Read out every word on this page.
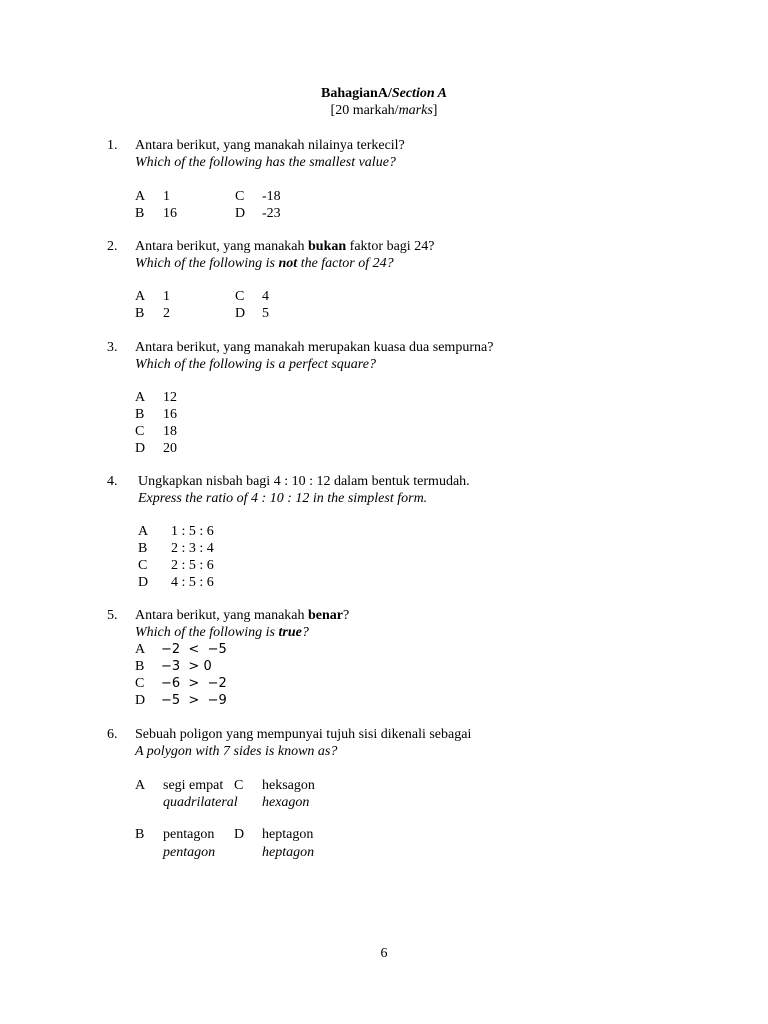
BahagianA/Section A
[20 markah/marks]
1. Antara berikut, yang manakah nilainya terkecil?
Which of the following has the smallest value?
A 1
B 16
C -18
D -23
2. Antara berikut, yang manakah bukan faktor bagi 24?
Which of the following is not the factor of 24?
A 1
B 2
C 4
D 5
3. Antara berikut, yang manakah merupakan kuasa dua sempurna?
Which of the following is a perfect square?
A 12
B 16
C 18
D 20
4. Ungkapkan nisbah bagi 4 : 10 : 12 dalam bentuk termudah.
Express the ratio of 4 : 10 : 12 in the simplest form.
A 1 : 5 : 6
B 2 : 3 : 4
C 2 : 5 : 6
D 4 : 5 : 6
5. Antara berikut, yang manakah benar?
Which of the following is true?
A −2  <  −5
B −3  > 0
C −6  >  −2
D −5  >  −9
6. Sebuah poligon yang mempunyai tujuh sisi dikenali sebagai
A polygon with 7 sides is known as?
A segi empat
quadrilateral
C heksagon
hexagon
B pentagon
pentagon
D heptagon
heptagon
6
